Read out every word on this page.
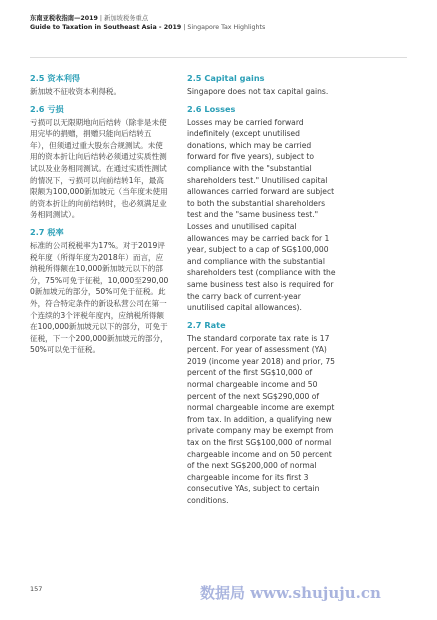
东南亚税收指南—2019 | 新加坡税务重点
Guide to Taxation in Southeast Asia - 2019 | Singapore Tax Highlights

2.5 资本利得

新加坡不征收资本利得税。

2.6 亏损

亏损可以无限期地向后结转（除非是未使用完毕的捐赠，捐赠只能向后结转五年），但须通过重大股东合规测试。未使用的资本折让向后结转必须通过实质性测试以及业务相同测试。在通过实质性测试的情况下，亏损可以向前结转1年，最高限额为100,000新加坡元（当年度未使用的资本折让的向前结转时，也必须满足业务相同测试）。

2.7 税率

标准的公司税税率为17%。对于2019评税年度（所得年度为2018年）而言，应纳税所得额在10,000新加坡元以下的部分，75%可免于征税，10,000至290,000新加坡元的部分，50%可免于征税。此外，符合特定条件的新设私营公司在第一个连续的3个评税年度内，应纳税所得额在100,000新加坡元以下的部分，可免于征税，下一个200,000新加坡元的部分，50%可以免于征税。

2.5 Capital gains

Singapore does not tax capital gains.

2.6 Losses

Losses may be carried forward indefinitely (except unutilised donations, which may be carried forward for five years), subject to compliance with the "substantial shareholders test." Unutilised capital allowances carried forward are subject to both the substantial shareholders test and the "same business test." Losses and unutilised capital allowances may be carried back for 1 year, subject to a cap of SG$100,000 and compliance with the substantial shareholders test (compliance with the same business test also is required for the carry back of current-year unutilised capital allowances).

2.7 Rate

The standard corporate tax rate is 17 percent. For year of assessment (YA) 2019 (income year 2018) and prior, 75 percent of the first SG$10,000 of normal chargeable income and 50 percent of the next SG$290,000 of normal chargeable income are exempt from tax. In addition, a qualifying new private company may be exempt from tax on the first SG$100,000 of normal chargeable income and on 50 percent of the next SG$200,000 of normal chargeable income for its first 3 consecutive YAs, subject to certain conditions.

157	数据局 www.shujuju.cn
